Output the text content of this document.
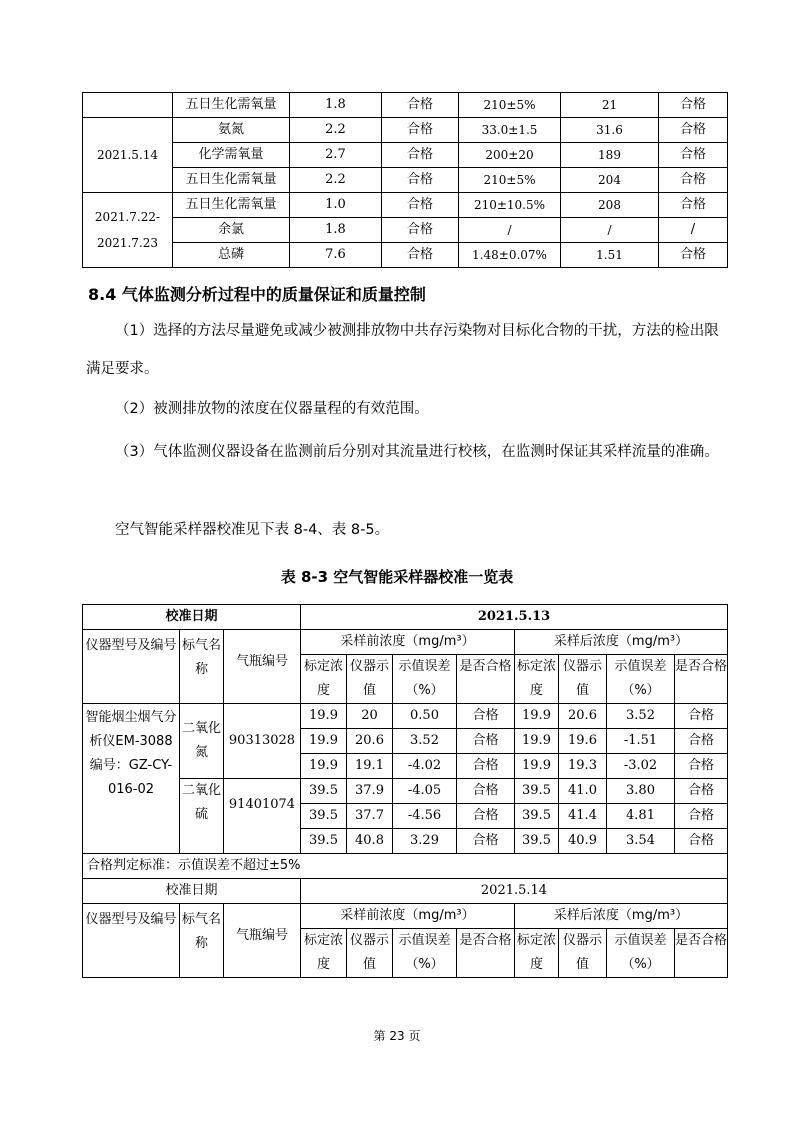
	五日生化需氧量	1.8	合格	210±5%	21	合格
2021.5.14	氨氮	2.2	合格	33.0±1.5	31.6	合格
	化学需氧量	2.7	合格	200±20	189	合格
	五日生化需氧量	2.2	合格	210±5%	204	合格
2021.7.22-
2021.7.23	五日生化需氧量	1.0	合格	210±10.5%	208	合格
	余氯	1.8	合格	/	/	/
	总磷	7.6	合格	1.48±0.07%	1.51	合格
8.4 气体监测分析过程中的质量保证和质量控制
（1）选择的方法尽量避免或减少被测排放物中共存污染物对目标化合物的干扰，方法的检出限满足要求。
（2）被测排放物的浓度在仪器量程的有效范围。
（3）气体监测仪器设备在监测前后分别对其流量进行校核，在监测时保证其采样流量的准确。
空气智能采样器校准见下表 8-4、表 8-5。
表 8-3 空气智能采样器校准一览表
校准日期			2021.5.13							
仪器型号及编号	标气名称	气瓶编号	采样前浓度（mg/m³）				采样后浓度（mg/m³）			
			标定浓度	仪器示值	示值误差（%）	是否合格	标定浓度	仪器示值	示值误差（%）	是否合格

智能烟尘烟气分析仪EM-3088编号：GZ-CY-016-02	二氧化氮	90313028	19.9	20	0.50	合格	19.9	20.6	3.52	合格
			19.9	20.6	3.52	合格	19.9	19.6	-1.51	合格
			19.9	19.1	-4.02	合格	19.9	19.3	-3.02	合格
	二氧化硫	91401074	39.5	37.9	-4.05	合格	39.5	41.0	3.80	合格
			39.5	37.7	-4.56	合格	39.5	41.4	4.81	合格
			39.5	40.8	3.29	合格	39.5	40.9	3.54	合格
合格判定标准：示值误差不超过±5%										
校准日期			2021.5.14							
仪器型号及编号	标气名称	气瓶编号	采样前浓度（mg/m³）				采样后浓度（mg/m³）			
			标定浓度	仪器示值	示值误差（%）	是否合格	标定浓度	仪器示值	示值误差（%）	是否合格

第 23 页
